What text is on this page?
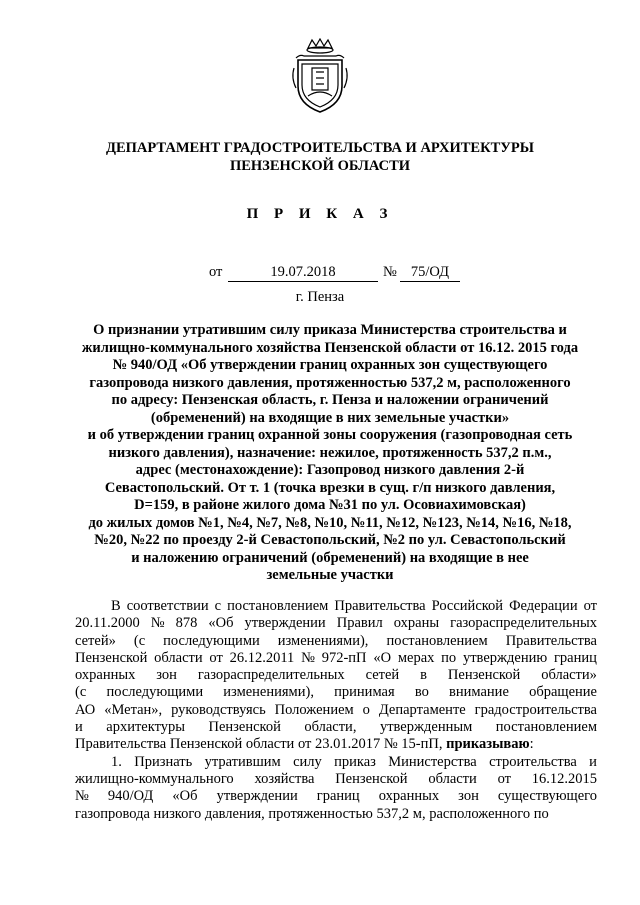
ДЕПАРТАМЕНТ ГРАДОСТРОИТЕЛЬСТВА И АРХИТЕКТУРЫ
ПЕНЗЕНСКОЙ ОБЛАСТИ
П Р И К А З
от	19.07.2018	№ 75/ОД
г. Пенза
О признании утратившим силу приказа Министерства строительства и
жилищно-коммунального хозяйства Пензенской области от 16.12. 2015 года
№ 940/ОД «Об утверждении границ охранных зон существующего
газопровода низкого давления, протяженностью 537,2 м, расположенного
по адресу: Пензенская область, г. Пенза и наложении ограничений
(обременений) на входящие в них земельные участки»
и об утверждении границ охранной зоны сооружения (газопроводная сеть
низкого давления), назначение: нежилое, протяженность 537,2 п.м.,
адрес (местонахождение): Газопровод низкого давления 2-й
Севастопольский. От т. 1 (точка врезки в сущ. г/п низкого давления,
D=159, в районе жилого дома №31 по ул. Осовиахимовская)
до жилых домов №1, №4, №7, №8, №10, №11, №12, №123, №14, №16, №18,
№20, №22 по проезду 2-й Севастопольский, №2 по ул. Севастопольский
и наложению ограничений (обременений) на входящие в нее
земельные участки
В соответствии с постановлением Правительства Российской Федерации от
20.11.2000 № 878 «Об утверждении Правил охраны газораспределительных
сетей» (с последующими изменениями), постановлением Правительства
Пензенской области от 26.12.2011 № 972-пП «О мерах по утверждению границ
охранных зон газораспределительных сетей в Пензенской области»
(с последующими изменениями), принимая во внимание обращение
АО «Метан», руководствуясь Положением о Департаменте градостроительства
и архитектуры Пензенской области, утвержденным постановлением
Правительства Пензенской области от 23.01.2017 № 15-пП,
приказываю :
1. Признать утратившим силу приказ Министерства строительства и
жилищно-коммунального хозяйства Пензенской области от 16.12.2015
№ 940/ОД «Об утверждении границ охранных зон существующего
газопровода низкого давления, протяженностью 537,2 м, расположенного по
